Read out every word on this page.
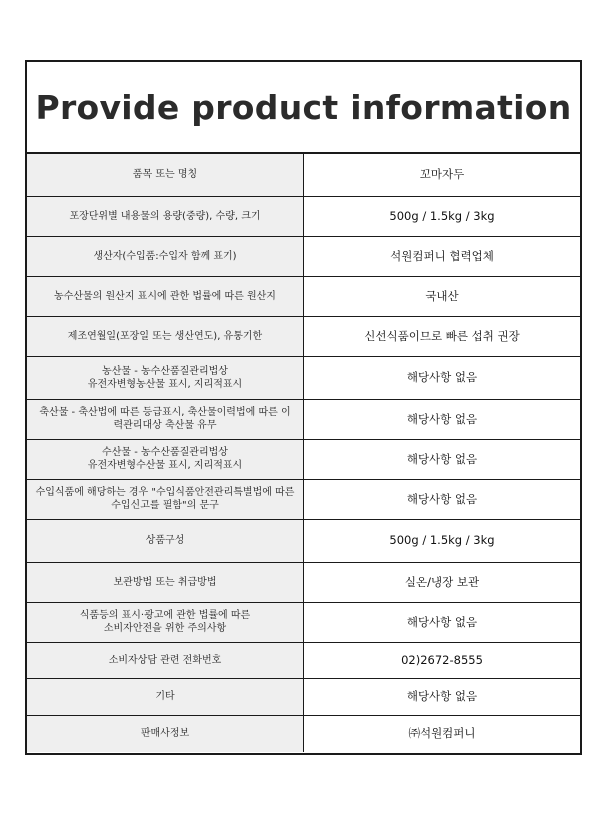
Provide product information
품목 또는 명칭	꼬마자두

포장단위별 내용물의 용량(중량), 수량, 크기	500g / 1.5kg / 3kg

생산자(수입품:수입자 함께 표기)	석원컴퍼니 협력업체

농수산물의 원산지 표시에 관한 법률에 따른 원산지	국내산

제조연월일(포장일 또는 생산연도), 유통기한	신선식품이므로 빠른 섭취 권장

농산물 - 농수산품질관리법상
유전자변형농산물 표시, 지리적표시	해당사항 없음

축산물 - 축산법에 따른 등급표시, 축산물이력법에 따른 이
력관리대상 축산물 유무	해당사항 없음

수산물 - 농수산품질관리법상
유전자변형수산물 표시, 지리적표시	해당사항 없음

수입식품에 해당하는 경우 "수입식품안전관리특별법에 따른
수입신고를 필함"의 문구	해당사항 없음

상품구성	500g / 1.5kg / 3kg

보관방법 또는 취급방법	실온/냉장 보관

식품등의 표시·광고에 관한 법률에 따른
소비자안전을 위한 주의사항	해당사항 없음

소비자상담 관련 전화번호	02)2672-8555

기타	해당사항 없음

판매사정보	㈜석원컴퍼니
